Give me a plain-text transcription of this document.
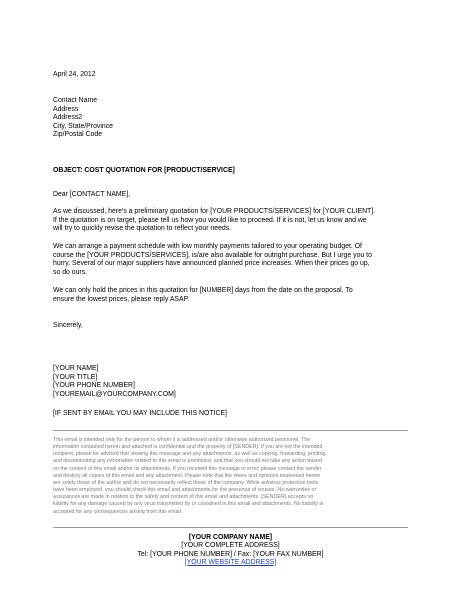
April 24, 2012
Contact Name
Address
Address2
City, State/Province
Zip/Postal Code
OBJECT: COST QUOTATION FOR [PRODUCT/SERVICE]
Dear [CONTACT NAME],
As we discussed, here's a preliminary quotation for [YOUR PRODUCTS/SERVICES] for [YOUR CLIENT].
If the quotation is on target, please tell us how you would like to proceed. If it is not, let us know and we
will try to quickly revise the quotation to reflect your needs.
We can arrange a payment schedule with low monthly payments tailored to your operating budget. Of
course the [YOUR PRODUCTS/SERVICES], is/are also available for outright purchase. But I urge you to
hurry. Several of our major suppliers have announced planned price increases. When their prices go up,
so do ours.
We can only hold the prices in this quotation for [NUMBER] days from the date on the proposal. To
ensure the lowest prices, please reply ASAP.
Sincerely,
[YOUR NAME]
[YOUR TITLE]
[YOUR PHONE NUMBER]
[YOUREMAIL@YOURCOMPANY.COM]
[IF SENT BY EMAIL YOU MAY INCLUDE THIS NOTICE]
This email is intended only for the person to whom it is addressed and/or otherwise authorized personnel. The
information contained herein and attached is confidential and the property of [SENDER]. If you are not the intended
recipient, please be advised that viewing this message and any attachments, as well as copying, forwarding, printing,
and disseminating any information related to this email is prohibited, and that you should not take any action based
on the content of this email and/or its attachments. If you received this message in error, please contact the sender
and destroy all copies of this email and any attachment. Please note that the views and opinions expressed herein
are solely those of the author and do not necessarily reflect those of the company. While antivirus protection tools
have been employed, you should check this email and attachments for the presence of viruses. No warranties or
assurances are made in relation to the safety and content of this email and attachments. [SENDER] accepts no
liability for any damage caused by any virus transmitted by or contained in this email and attachments. No liability is
accepted for any consequences arising from this email.
[YOUR COMPANY NAME]
[YOUR COMPLETE ADDRESS]
Tel: [YOUR PHONE NUMBER] / Fax: [YOUR FAX NUMBER]
[YOUR WEBSITE ADDRESS]
